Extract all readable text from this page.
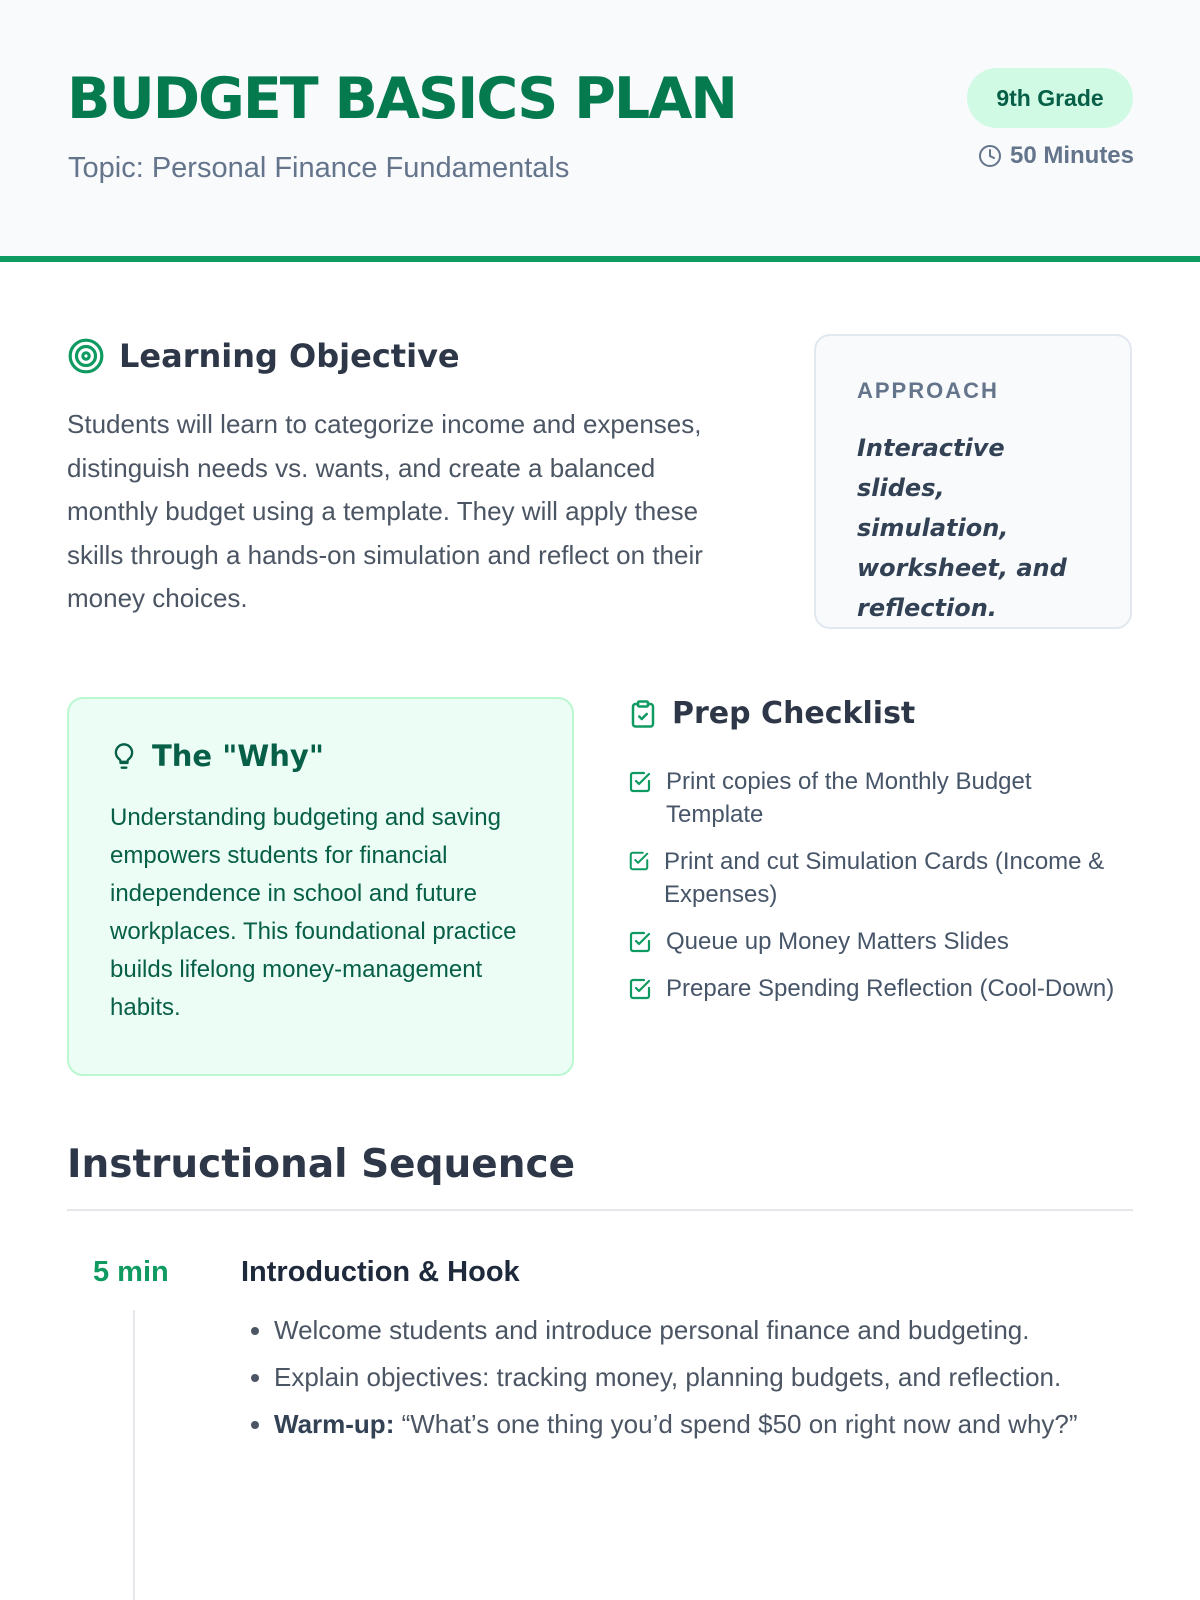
BUDGET BASICS PLAN
Topic: Personal Finance Fundamentals
9th Grade
50 Minutes
Learning Objective

Students will learn to categorize income and expenses, distinguish needs vs. wants, and create a balanced monthly budget using a template. They will apply these skills through a hands-on simulation and reflect on their money choices.

APPROACH
Interactive slides, simulation, worksheet, and reflection.
The "Why"
Understanding budgeting and saving empowers students for financial independence in school and future workplaces. This foundational practice builds lifelong money-management habits.
Prep Checklist
Print copies of the Monthly Budget Template
Print and cut Simulation Cards (Income & Expenses)
Queue up Money Matters Slides
Prepare Spending Reflection (Cool-Down)
Instructional Sequence
5 min Introduction & Hook
• Welcome students and introduce personal finance and budgeting.
• Explain objectives: tracking money, planning budgets, and reflection.
• Warm-up: “What’s one thing you’d spend $50 on right now and why?”
